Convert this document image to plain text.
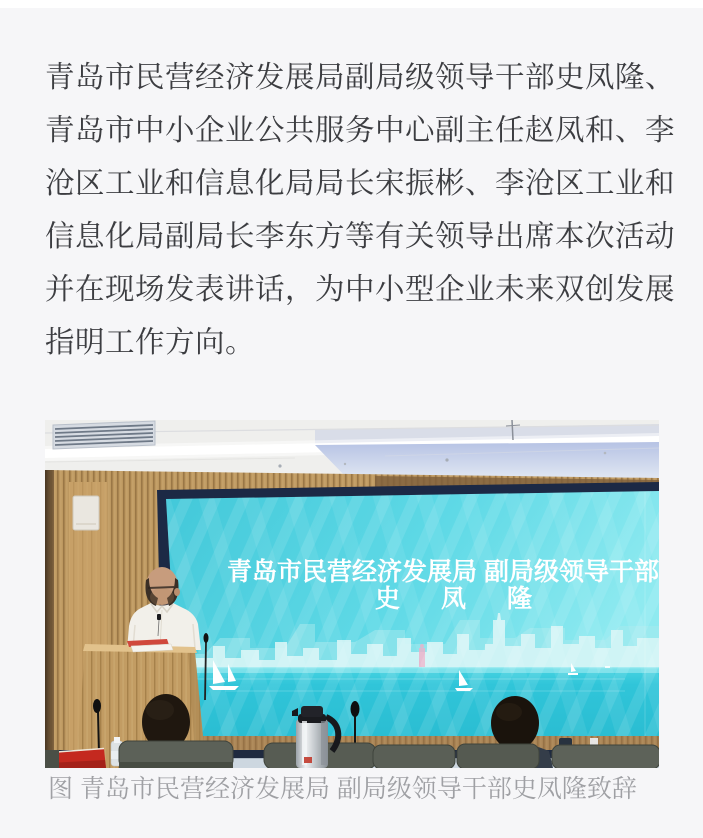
青岛市民营经济发展局副局级领导干部史凤隆、
青岛市中小企业公共服务中心副主任赵凤和、李
沧区工业和信息化局局长宋振彬、李沧区工业和
信息化局副局长李东方等有关领导出席本次活动
并在现场发表讲话，为中小型企业未来双创发展
指明工作方向。
青岛市民营经济发展局 副局级领导干部
史 凤 隆
图 青岛市民营经济发展局 副局级领导干部史凤隆致辞
